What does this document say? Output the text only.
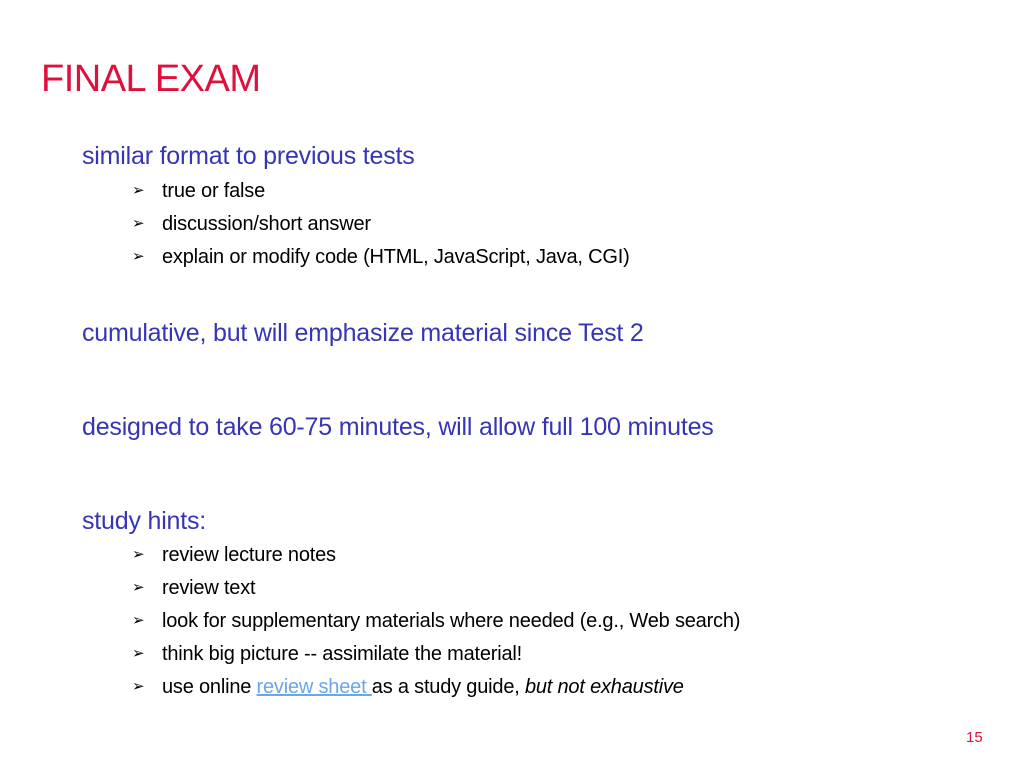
FINAL EXAM
similar format to previous tests
➢ true or false
➢ discussion/short answer
➢ explain or modify code (HTML, JavaScript, Java, CGI)
cumulative, but will emphasize material since Test 2
designed to take 60-75 minutes, will allow full 100 minutes
study hints:
➢ review lecture notes
➢ review text
➢ look for supplementary materials where needed (e.g., Web search)
➢ think big picture -- assimilate the material!
➢ use online review sheet as a study guide, but not exhaustive
15
